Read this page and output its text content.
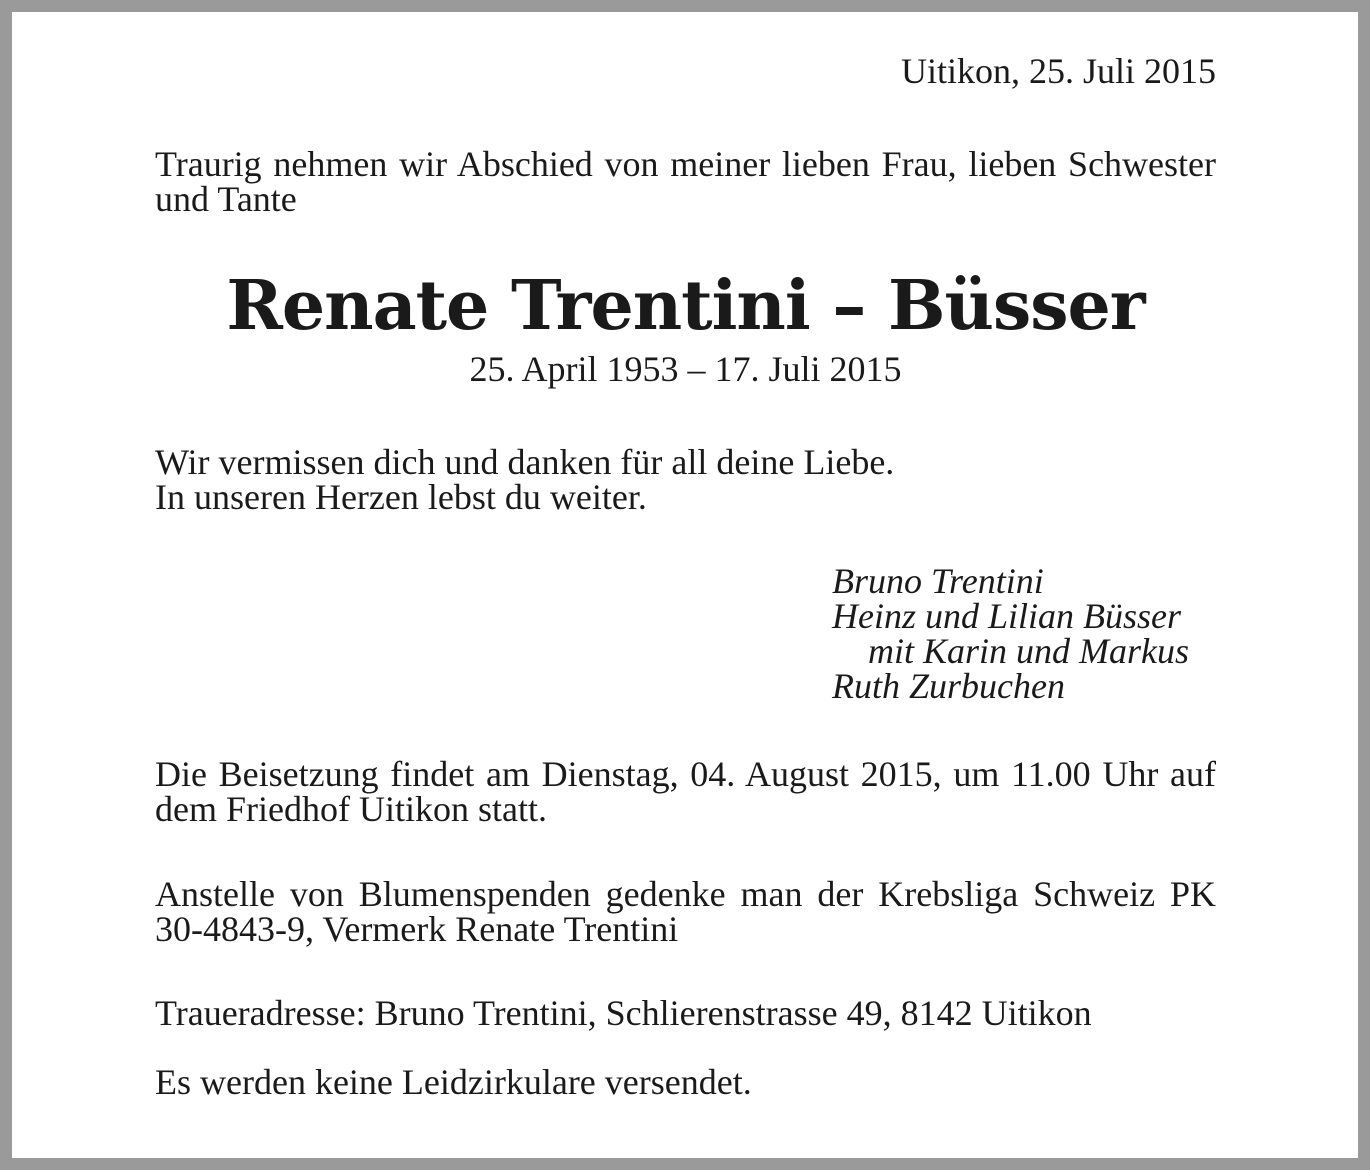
Uitikon, 25. Juli 2015

Traurig nehmen wir Abschied von meiner lieben Frau, lieben Schwester und Tante

Renate Trentini – Büsser

25. April 1953 – 17. Juli 2015

Wir vermissen dich und danken für all deine Liebe.
In unseren Herzen lebst du weiter.

Bruno Trentini
Heinz und Lilian Büsser
mit Karin und Markus
Ruth Zurbuchen

Die Beisetzung findet am Dienstag, 04. August 2015, um 11.00 Uhr auf dem Friedhof Uitikon statt.

Anstelle von Blumenspenden gedenke man der Krebsliga Schweiz PK 30-4843-9, Vermerk Renate Trentini

Traueradresse: Bruno Trentini, Schlierenstrasse 49, 8142 Uitikon

Es werden keine Leidzirkulare versendet.
